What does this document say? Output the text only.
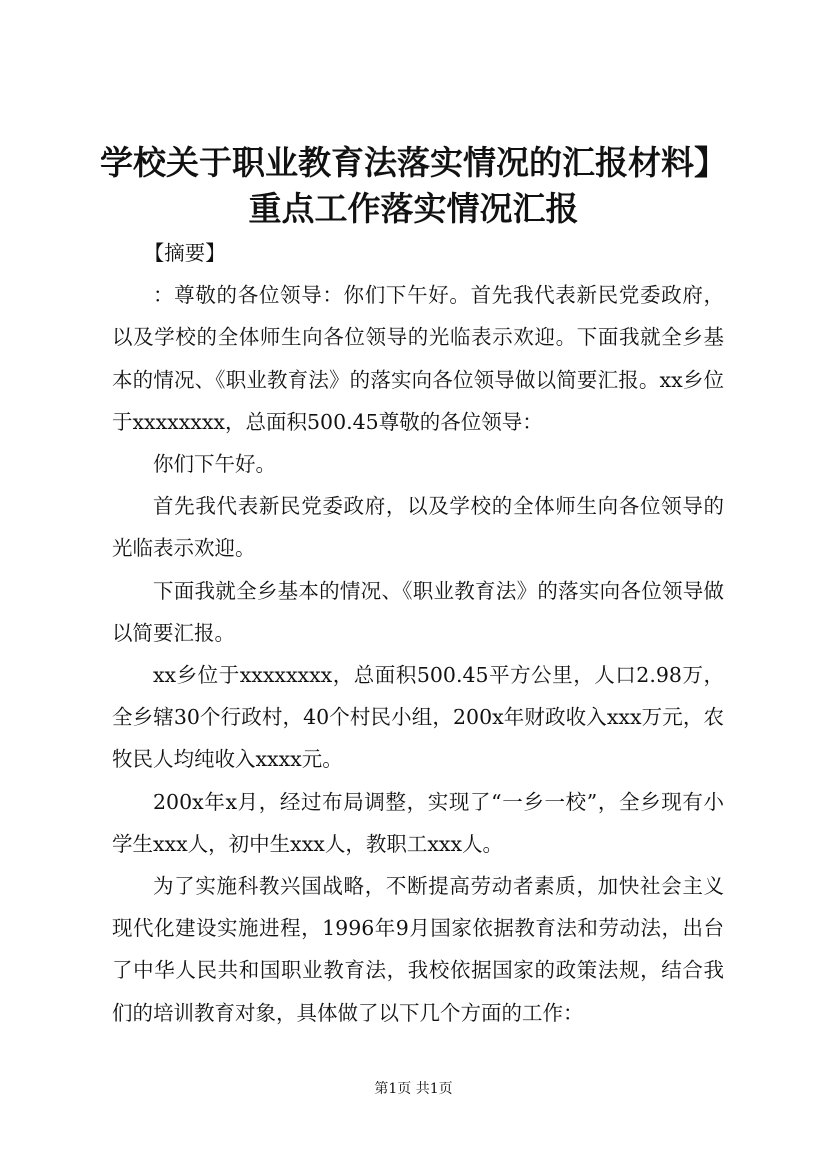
学校关于职业教育法落实情况的汇报材料】重点工作落实情况汇报

【摘要】

：尊敬的各位领导：你们下午好。首先我代表新民党委政府，以及学校的全体师生向各位领导的光临表示欢迎。下面我就全乡基本的情况、《职业教育法》的落实向各位领导做以简要汇报。xx乡位于xxxxxxxx，总面积500.45尊敬的各位领导：

你们下午好。

首先我代表新民党委政府，以及学校的全体师生向各位领导的光临表示欢迎。

下面我就全乡基本的情况、《职业教育法》的落实向各位领导做以简要汇报。

xx乡位于xxxxxxxx，总面积500.45平方公里，人口2.98万，全乡辖30个行政村，40个村民小组，200x年财政收入xxx万元，农牧民人均纯收入xxxx元。

200x年x月，经过布局调整，实现了“一乡一校”，全乡现有小学生xxx人，初中生xxx人，教职工xxx人。

为了实施科教兴国战略，不断提高劳动者素质，加快社会主义现代化建设实施进程，1996年9月国家依据教育法和劳动法，出台了中华人民共和国职业教育法，我校依据国家的政策法规，结合我们的培训教育对象，具体做了以下几个方面的工作：

第1页 共1页
